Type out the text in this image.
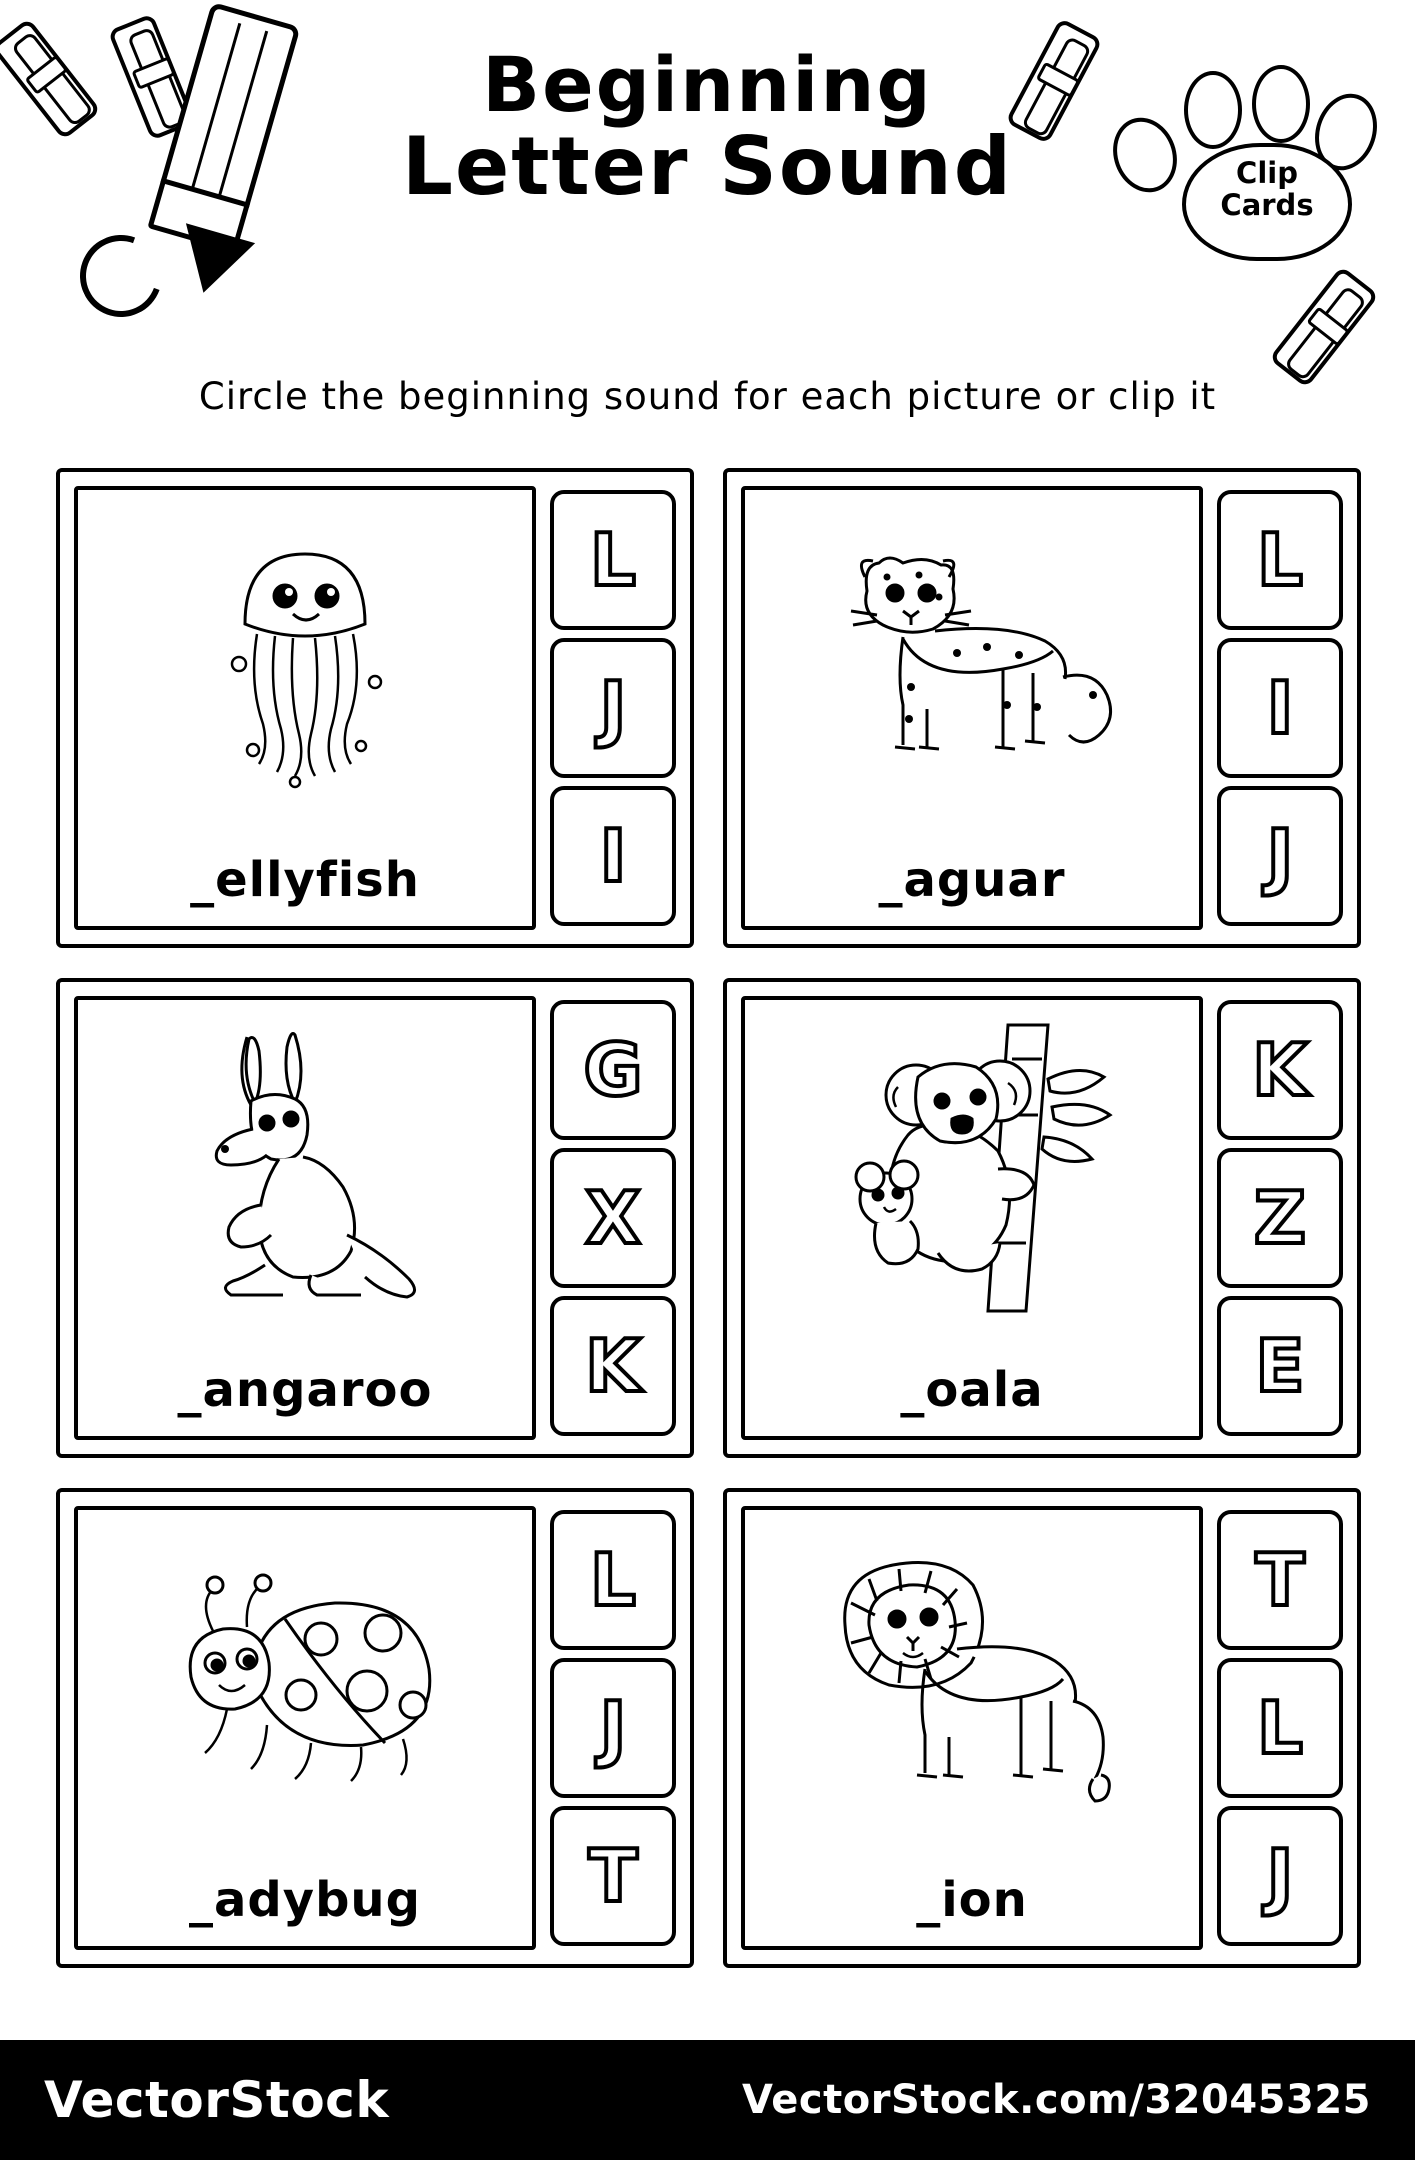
Clip
Cards
Beginning
Letter Sound
Circle the beginning sound for each picture or clip it
_ellyfish
L
J
I	_aguar
L
I
J
_angaroo
G
X
K	_oala
K
Z
E
_adybug
L
J
T	_ion
T
L
J
VectorStock	VectorStock.com/32045325
